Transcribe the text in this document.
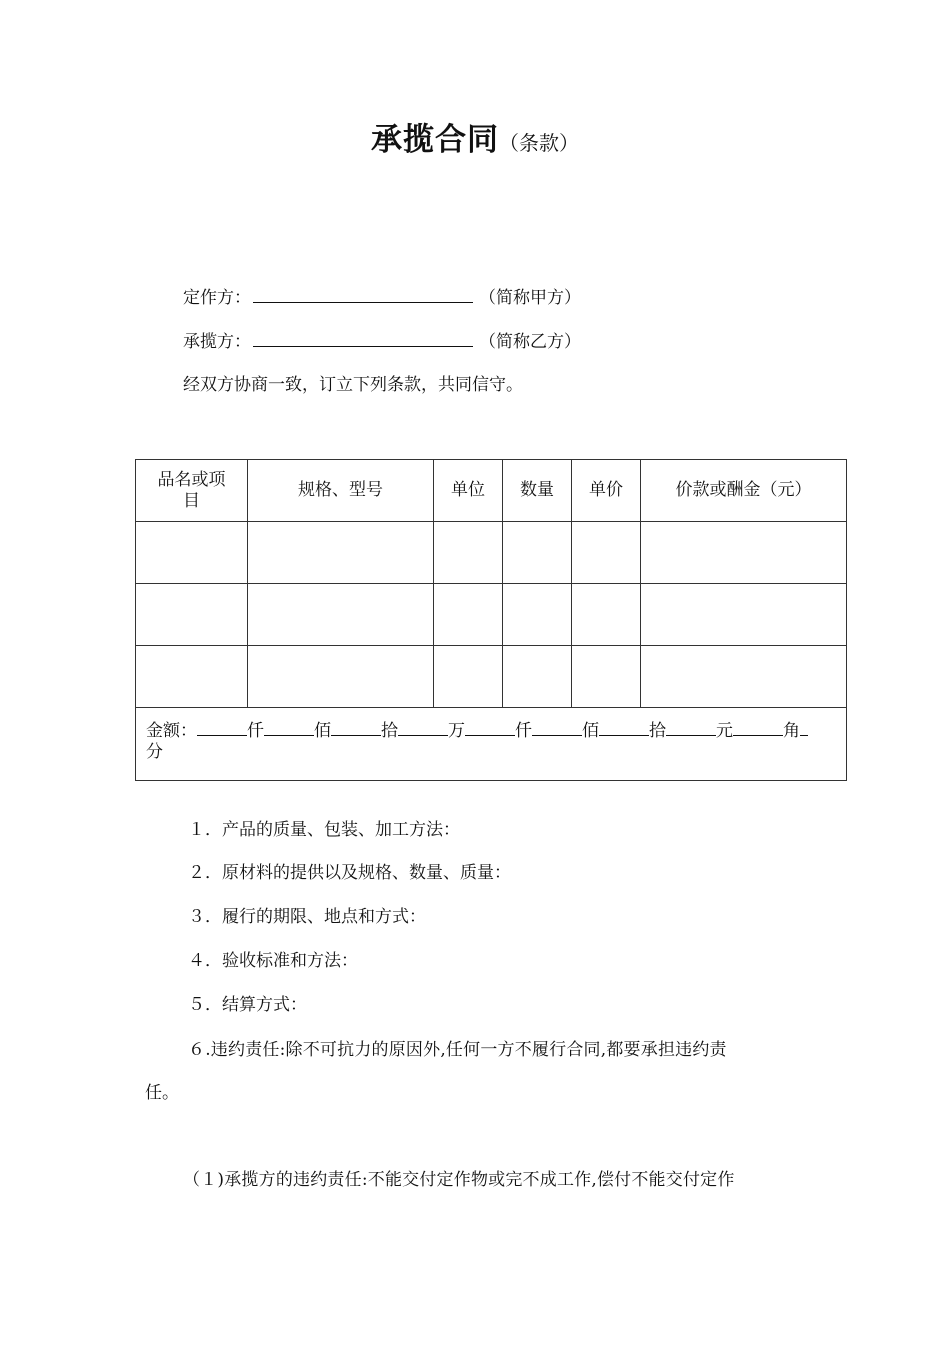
承揽合同（条款）
定作方：	（简称甲方）
承揽方：	（简称乙方）
经双方协商一致，订立下列条款，共同信守。
品名或项目	规格、型号	单位	数量	单价	价款或酬金（元）

金额： 仟 佰 拾 万 仟 佰 拾 元 角
分					
１．产品的质量、包装、加工方法：
２．原材料的提供以及规格、数量、质量：
３．履行的期限、地点和方式：
４．验收标准和方法：
５．结算方式：
６.违约责任:除不可抗力的原因外,任何一方不履行合同,都要承担违约责
任。
（１)承揽方的违约责任:不能交付定作物或完不成工作,偿付不能交付定作
